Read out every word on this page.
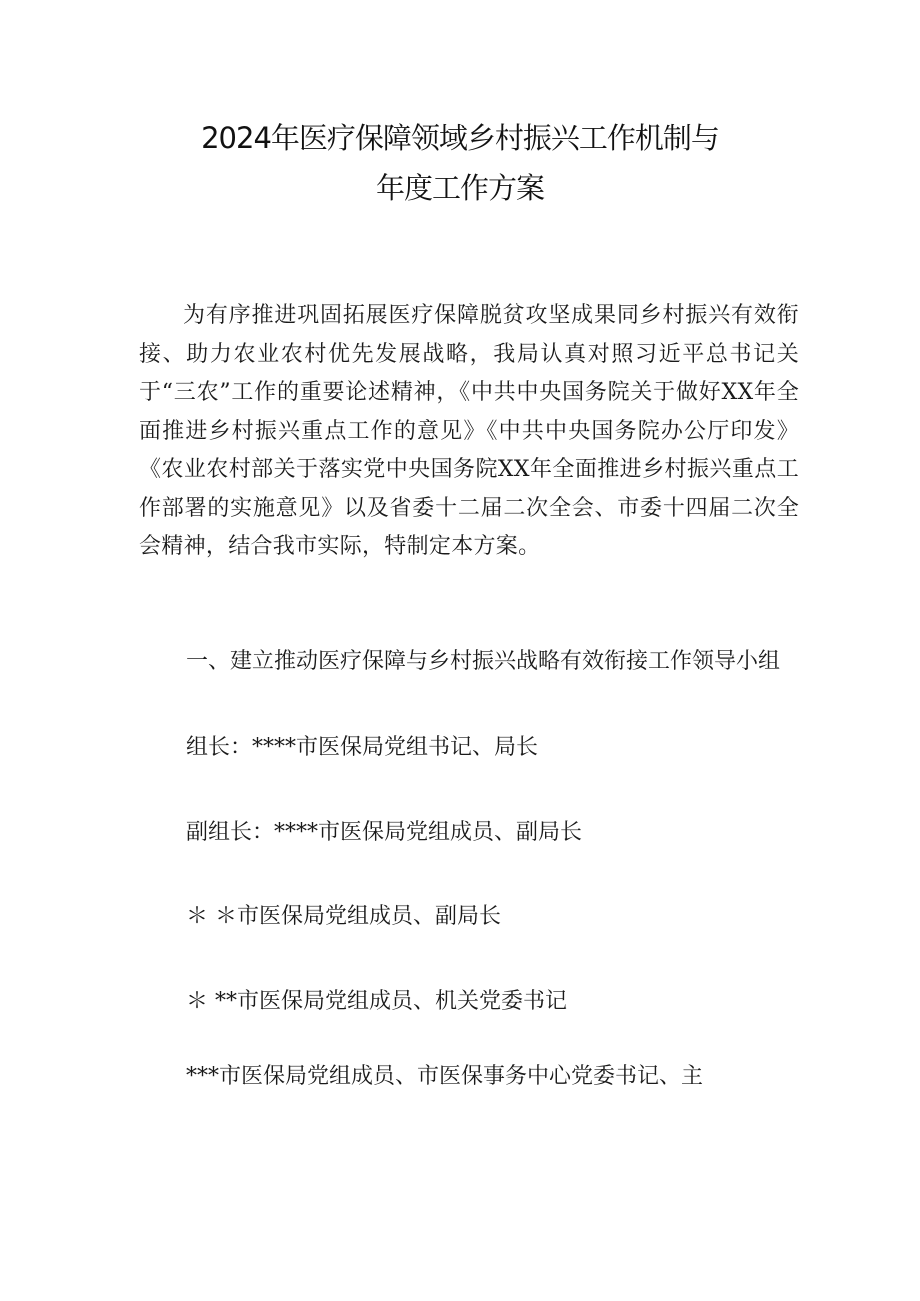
2024年医疗保障领域乡村振兴工作机制与
年度工作方案

为有序推进巩固拓展医疗保障脱贫攻坚成果同乡村振兴有效衔接、助力农业农村优先发展战略，我局认真对照习近平总书记关于“三农”工作的重要论述精神，《中共中央国务院关于做好XX年全面推进乡村振兴重点工作的意见》《中共中央国务院办公厅印发》《农业农村部关于落实党中央国务院XX年全面推进乡村振兴重点工作部署的实施意见》以及省委十二届二次全会、市委十四届二次全会精神，结合我市实际，特制定本方案。

一、建立推动医疗保障与乡村振兴战略有效衔接工作领导小组

组长：****市医保局党组书记、局长

副组长：****市医保局党组成员、副局长

＊ ＊市医保局党组成员、副局长

＊ **市医保局党组成员、机关党委书记

***市医保局党组成员、市医保事务中心党委书记、主
